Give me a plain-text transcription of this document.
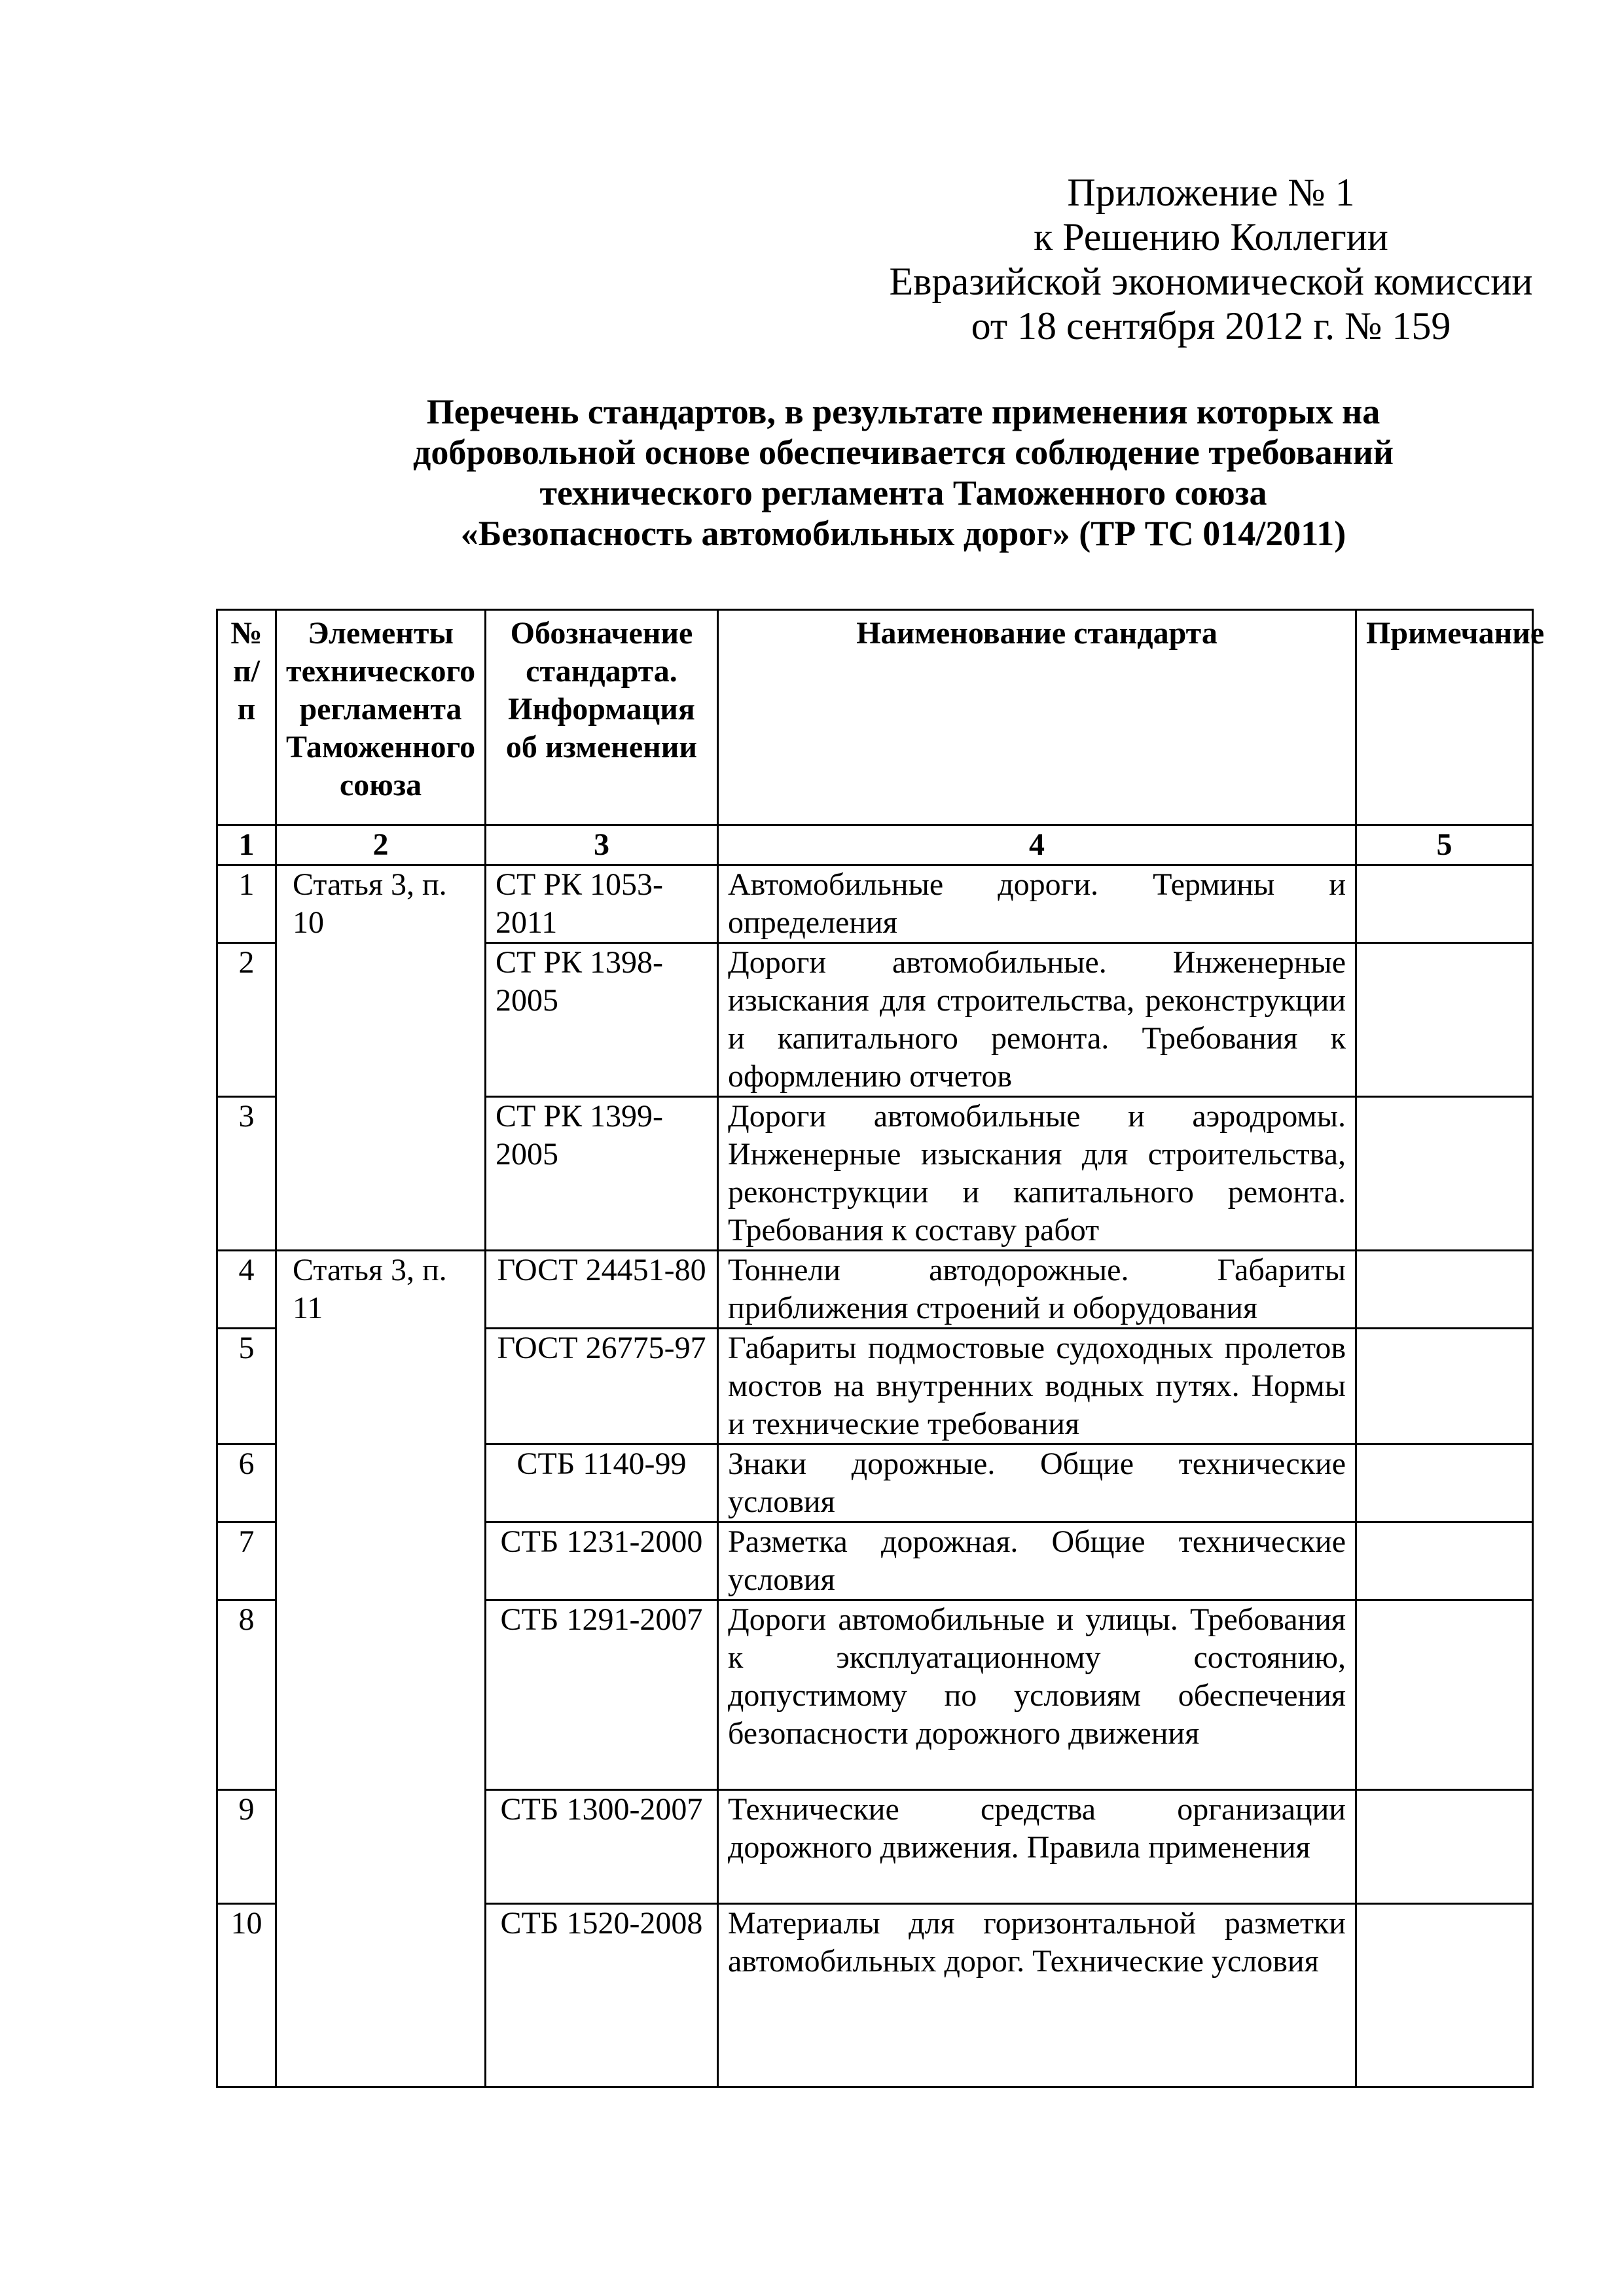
Приложение № 1
к Решению Коллегии
Евразийской экономической комиссии
от 18 сентября 2012 г. № 159
Перечень стандартов, в результате применения которых на
добровольной основе обеспечивается соблюдение требований
технического регламента Таможенного союза
«Безопасность автомобильных дорог» (ТР ТС 014/2011)
№ п/п	Элементы технического регламента Таможенного союза	Обозначение стандарта. Информация об изменении	Наименование стандарта	Примечание
1	2	3	4	5
1	Статья 3, п. 10	СТ РК 1053-2011	Автомобильные дороги. Термины и определения	
2		СТ РК 1398-2005	Дороги автомобильные. Инженерные изыскания для строительства, реконструкции и капитального ремонта. Требования к оформлению отчетов	
3		СТ РК 1399-2005	Дороги автомобильные и аэродромы. Инженерные изыскания для строительства, реконструкции и капитального ремонта. Требования к составу работ	
4	Статья 3, п. 11	ГОСТ 24451-80	Тоннели автодорожные. Габариты приближения строений и оборудования	
5		ГОСТ 26775-97	Габариты подмостовые судоходных пролетов мостов на внутренних водных путях. Нормы и технические требования	
6		СТБ 1140-99	Знаки дорожные. Общие технические условия	
7		СТБ 1231-2000	Разметка дорожная. Общие технические условия	
8		СТБ 1291-2007	Дороги автомобильные и улицы. Требования к эксплуатационному состоянию, допустимому по условиям обеспечения безопасности дорожного движения	
9		СТБ 1300-2007	Технические средства организации дорожного движения. Правила применения	
10		СТБ 1520-2008	Материалы для горизонтальной разметки автомобильных дорог. Технические условия	
